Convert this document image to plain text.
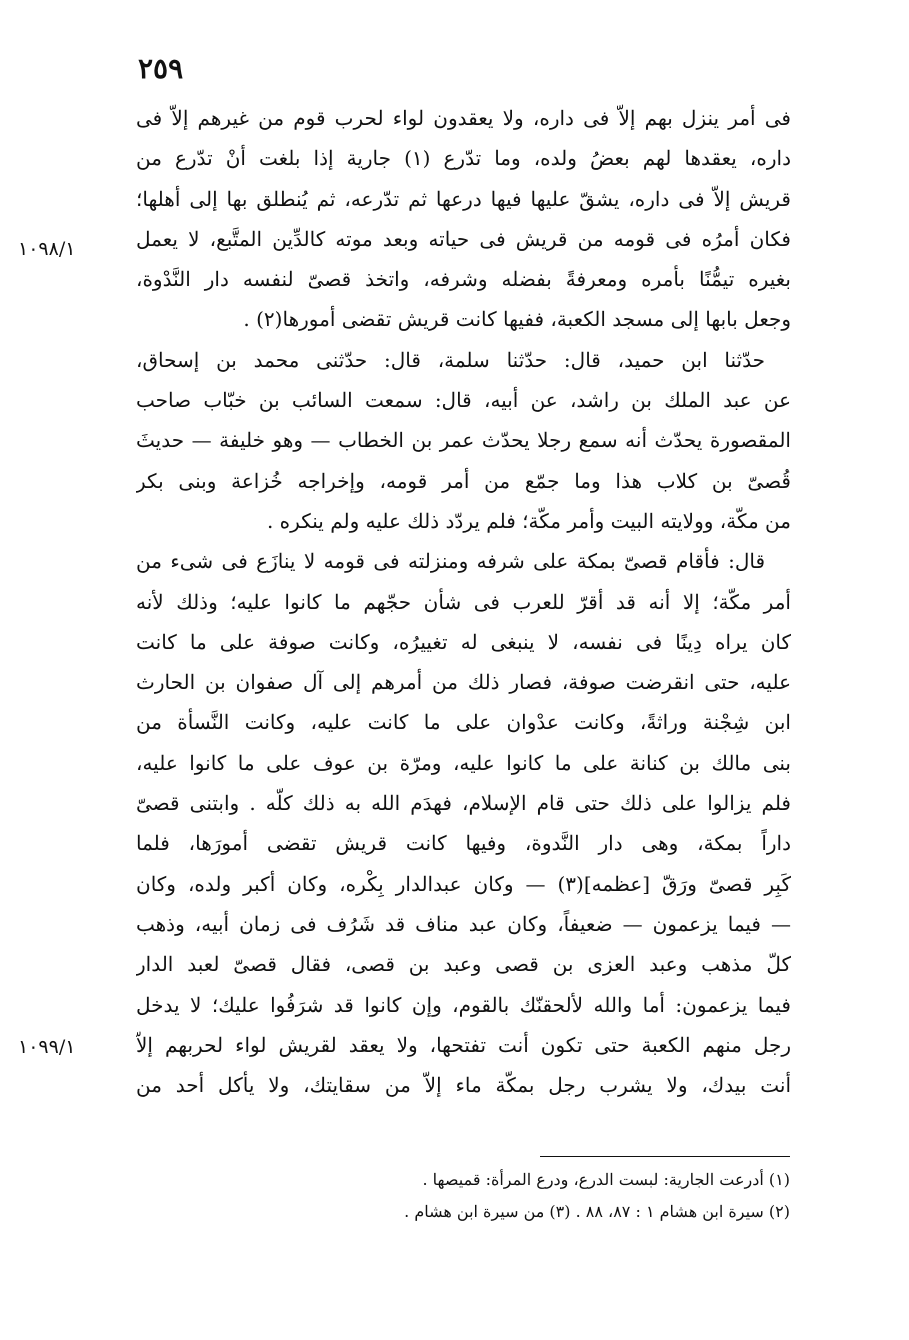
٢٥٩
١٠٩٨/١
١٠٩٩/١
فى أمر ينزل بهم إلاّ فى داره، ولا يعقدون لواء لحرب قوم من غيرهم إلاّ فى
داره، يعقدها لهم بعضُ ولده، وما تدّرع (١) جارية إذا بلغت أنْ تدّرع من
قريش إلاّ فى داره، يشقّ عليها فيها درعها ثم تدّرعه، ثم يُنطلق بها إلى أهلها؛
فكان أمرُه فى قومه من قريش فى حياته وبعد موته كالدِّين المتَّبع، لا يعمل
بغيره تيمُّنًا بأمره ومعرفةً بفضله وشرفه، واتخذ قصىّ لنفسه دار النَّدْوة،
وجعل بابها إلى مسجد الكعبة، ففيها كانت قريش تقضى أمورها(٢) .
حدّثنا ابن حميد، قال: حدّثنا سلمة، قال: حدّثنى محمد بن إسحاق،
عن عبد الملك بن راشد، عن أبيه، قال: سمعت السائب بن خبّاب صاحب
المقصورة يحدّث أنه سمع رجلا يحدّث عمر بن الخطاب — وهو خليفة — حديثَ
قُصىّ بن كلاب هذا وما جمّع من أمر قومه، وإخراجه خُزاعة وبنى بكر
من مكّة، وولايته البيت وأمر مكّة؛ فلم يردّد ذلك عليه ولم ينكره .
قال: فأقام قصىّ بمكة على شرفه ومنزلته فى قومه لا ينازَع فى شىء من
أمر مكّة؛ إلا أنه قد أقرّ للعرب فى شأن حجّهم ما كانوا عليه؛ وذلك لأنه
كان يراه دِينًا فى نفسه، لا ينبغى له تغييرُه، وكانت صوفة على ما كانت
عليه، حتى انقرضت صوفة، فصار ذلك من أمرهم إلى آل صفوان بن الحارث
ابن شِجْنة وراثةً، وكانت عدْوان على ما كانت عليه، وكانت النَّسأة من
بنى مالك بن كنانة على ما كانوا عليه، ومرّة بن عوف على ما كانوا عليه،
فلم يزالوا على ذلك حتى قام الإسلام، فهدَم الله به ذلك كلّه . وابتنى قصىّ
داراً بمكة، وهى دار النَّدوة، وفيها كانت قريش تقضى أمورَها، فلما
كَبِر قصىّ ورَقّ [عظمه](٣) — وكان عبدالدار بِكْره، وكان أكبر ولده، وكان
— فيما يزعمون — ضعيفاً، وكان عبد مناف قد شَرُف فى زمان أبيه، وذهب
كلّ مذهب وعبد العزى بن قصى وعبد بن قصى، فقال قصىّ لعبد الدار
فيما يزعمون: أما والله لألحقنّك بالقوم، وإن كانوا قد شرَفُوا عليك؛ لا يدخل
رجل منهم الكعبة حتى تكون أنت تفتحها، ولا يعقد لقريش لواء لحربهم إلاّ
أنت بيدك، ولا يشرب رجل بمكّة ماء إلاّ من سقايتك، ولا يأكل أحد من
(١) أدرعت الجارية: لبست الدرع، ودرع المرأة: قميصها .
(٢) سيرة ابن هشام ١ : ٨٧، ٨٨ . (٣) من سيرة ابن هشام .
